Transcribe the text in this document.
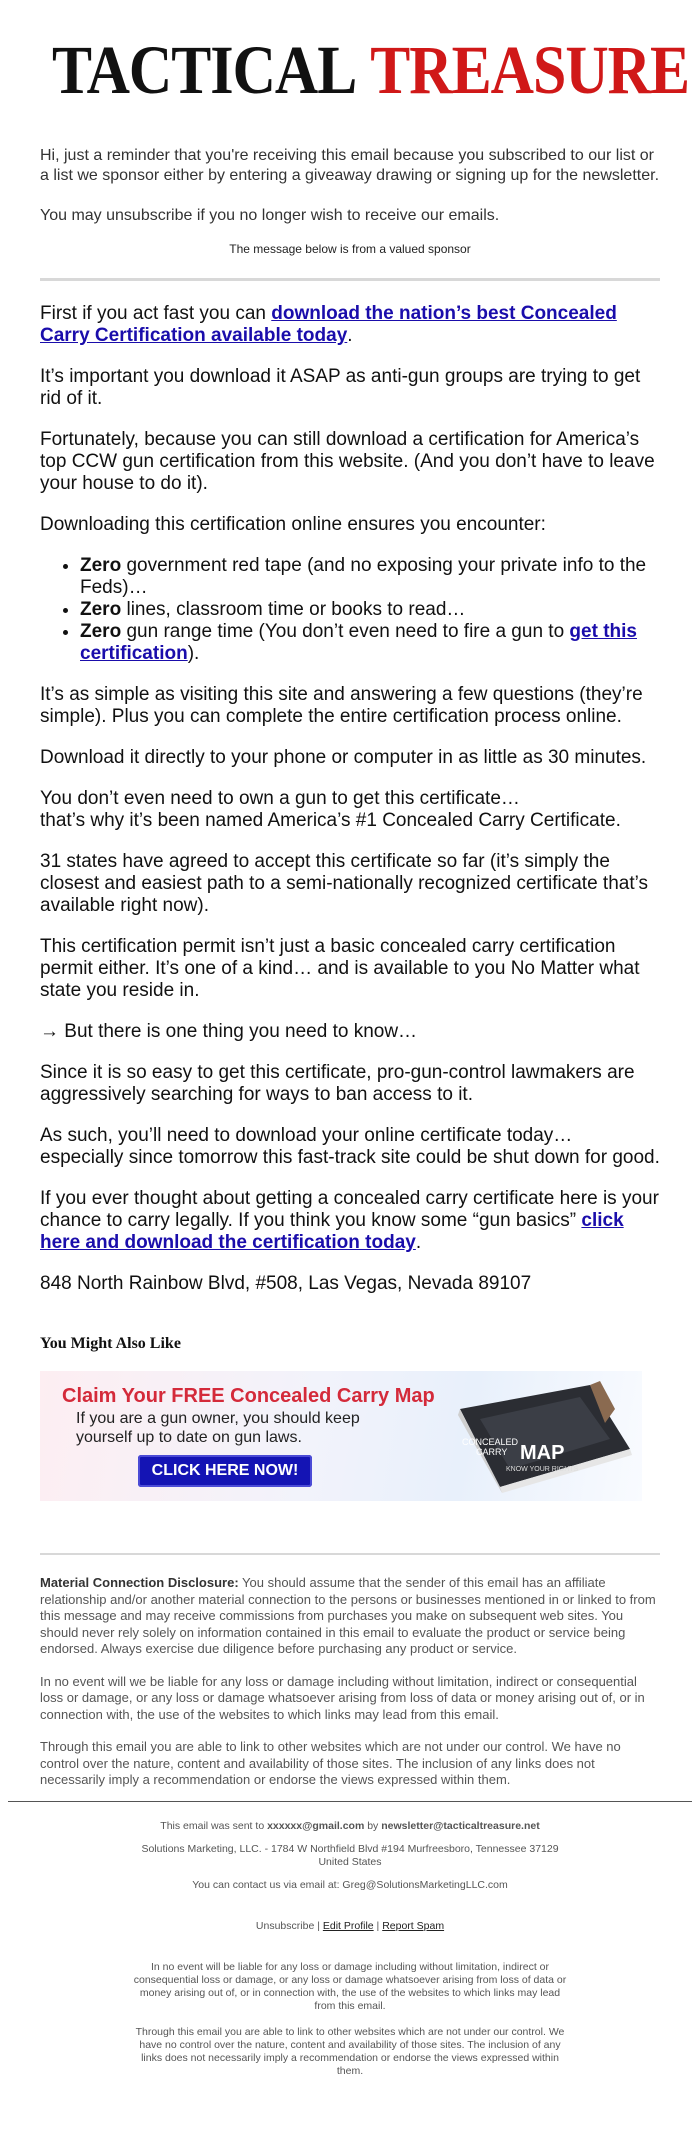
TACTICAL TREASURE

Hi, just a reminder that you're receiving this email because you subscribed to our list or a list we sponsor either by entering a giveaway drawing or signing up for the newsletter.

You may unsubscribe if you no longer wish to receive our emails.

The message below is from a valued sponsor

First if you act fast you can download the nation’s best Concealed Carry Certification available today.

It’s important you download it ASAP as anti-gun groups are trying to get rid of it.

Fortunately, because you can still download a certification for America’s top CCW gun certification from this website. (And you don’t have to leave your house to do it).

Downloading this certification online ensures you encounter:

• Zero government red tape (and no exposing your private info to the Feds)…
• Zero lines, classroom time or books to read…
• Zero gun range time (You don’t even need to fire a gun to get this certification).

It’s as simple as visiting this site and answering a few questions (they’re simple). Plus you can complete the entire certification process online.

Download it directly to your phone or computer in as little as 30 minutes.

You don’t even need to own a gun to get this certificate…
that’s why it’s been named America’s #1 Concealed Carry Certificate.

31 states have agreed to accept this certificate so far (it’s simply the closest and easiest path to a semi-nationally recognized certificate that’s available right now).

This certification permit isn’t just a basic concealed carry certification permit either. It’s one of a kind… and is available to you No Matter what state you reside in.

→ But there is one thing you need to know…

Since it is so easy to get this certificate, pro-gun-control lawmakers are aggressively searching for ways to ban access to it.

As such, you’ll need to download your online certificate today… especially since tomorrow this fast-track site could be shut down for good.

If you ever thought about getting a concealed carry certificate here is your chance to carry legally. If you think you know some “gun basics” click here and download the certification today.

848 North Rainbow Blvd, #508, Las Vegas, Nevada 89107

You Might Also Like
Claim Your FREE Concealed Carry Map
If you are a gun owner, you should keep yourself up to date on gun laws.
CLICK HERE NOW!
CONCEALED
CARRY MAP
KNOW YOUR RIGHTS

Material Connection Disclosure: You should assume that the sender of this email has an affiliate relationship and/or another material connection to the persons or businesses mentioned in or linked to from this message and may receive commissions from purchases you make on subsequent web sites. You should never rely solely on information contained in this email to evaluate the product or service being endorsed. Always exercise due diligence before purchasing any product or service.

In no event will we be liable for any loss or damage including without limitation, indirect or consequential loss or damage, or any loss or damage whatsoever arising from loss of data or money arising out of, or in connection with, the use of the websites to which links may lead from this email.

Through this email you are able to link to other websites which are not under our control. We have no control over the nature, content and availability of those sites. The inclusion of any links does not necessarily imply a recommendation or endorse the views expressed within them.

This email was sent to xxxxxx@gmail.com by newsletter@tacticaltreasure.net

Solutions Marketing, LLC. - 1784 W Northfield Blvd #194 Murfreesboro, Tennessee 37129 United States

You can contact us via email at: Greg@SolutionsMarketingLLC.com

Unsubscribe | Edit Profile | Report Spam

In no event will be liable for any loss or damage including without limitation, indirect or consequential loss or damage, or any loss or damage whatsoever arising from loss of data or money arising out of, or in connection with, the use of the websites to which links may lead from this email.

Through this email you are able to link to other websites which are not under our control. We have no control over the nature, content and availability of those sites. The inclusion of any links does not necessarily imply a recommendation or endorse the views expressed within them.
